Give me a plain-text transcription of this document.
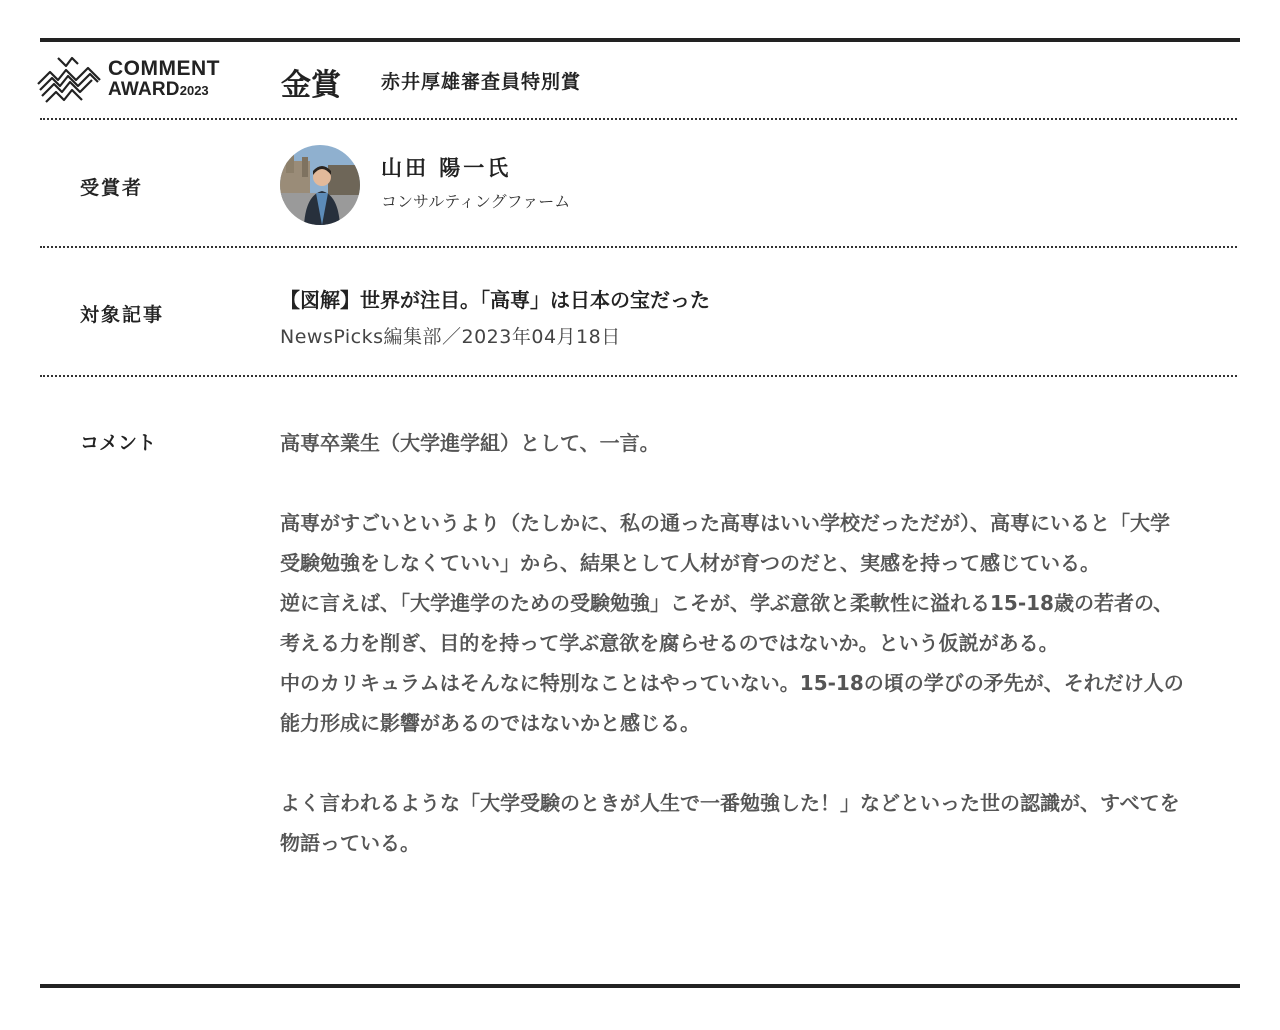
COMMENT
AWARD2023	金賞 赤井厚雄審査員特別賞
受賞者
山田 陽一氏
コンサルティングファーム
対象記事
【図解】世界が注目。「高専」は日本の宝だった
NewsPicks編集部／2023年04月18日
コメント	高専卒業生（大学進学組）として、一言。

高専がすごいというより（たしかに、私の通った高専はいい学校だっただが）、高専にいると「大学受験勉強をしなくていい」から、結果として人材が育つのだと、実感を持って感じている。

逆に言えば、「大学進学のための受験勉強」こそが、学ぶ意欲と柔軟性に溢れる15-18歳の若者の、考える力を削ぎ、目的を持って学ぶ意欲を腐らせるのではないか。という仮説がある。

中のカリキュラムはそんなに特別なことはやっていない。15-18の頃の学びの矛先が、それだけ人の能力形成に影響があるのではないかと感じる。

よく言われるような「大学受験のときが人生で一番勉強した！」などといった世の認識が、すべてを物語っている。
